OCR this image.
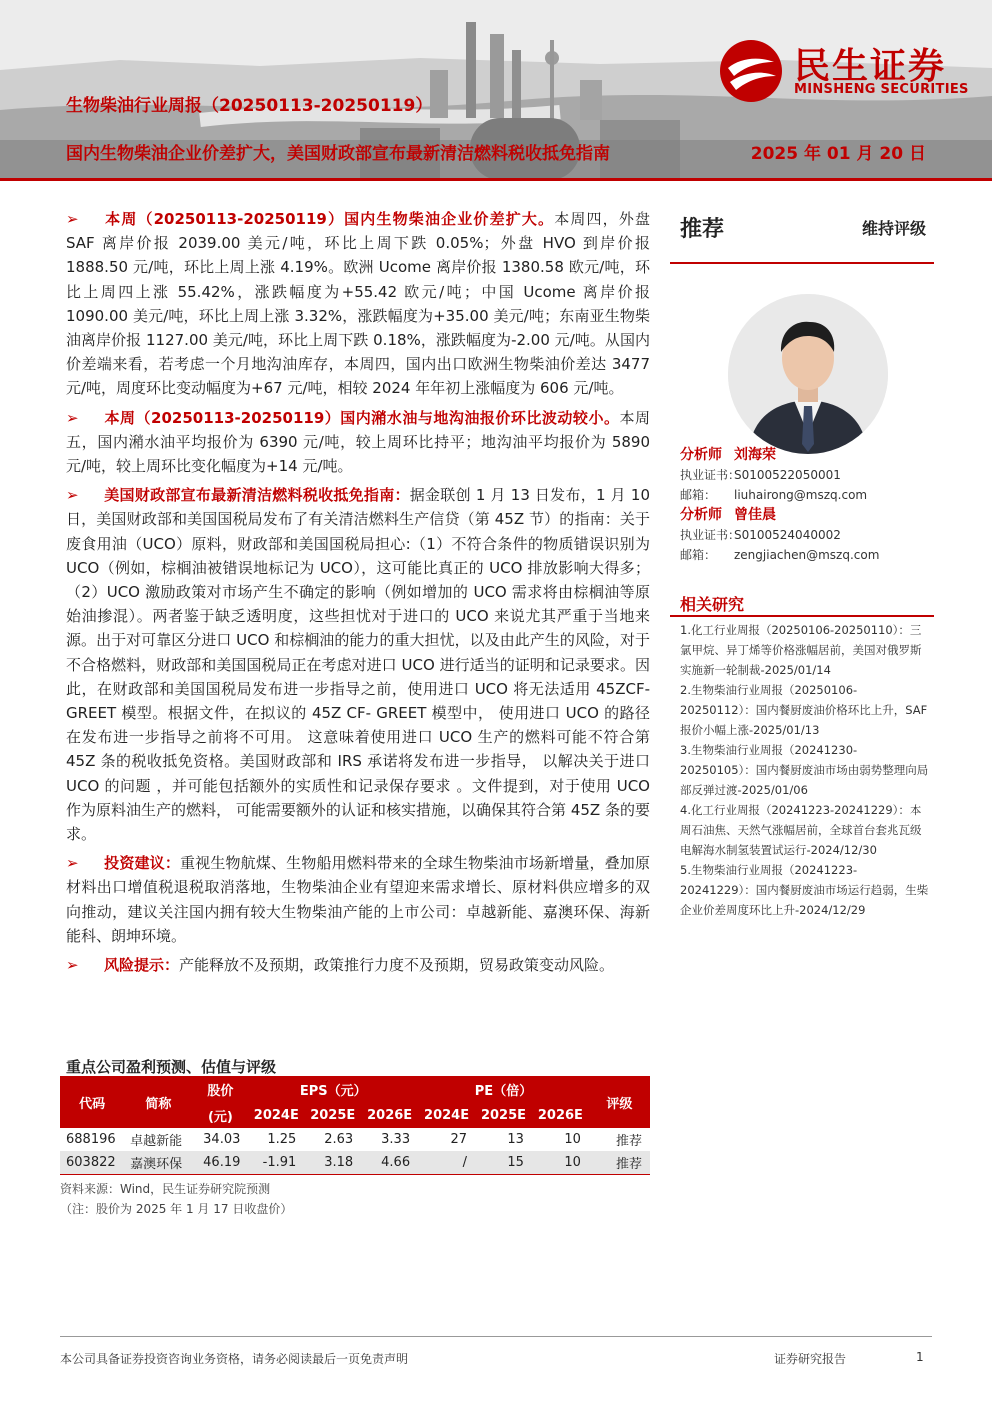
民生证券
MINSHENG SECURITIES
生物柴油行业周报（20250113-20250119）
国内生物柴油企业价差扩大，美国财政部宣布最新清洁燃料税收抵免指南	2025 年 01 月 20 日

➢ 本周（20250113-20250119）国内生物柴油企业价差扩大。本周四，外盘 SAF 离岸价报 2039.00 美元/吨，环比上周下跌 0.05%；外盘 HVO 到岸价报 1888.50 元/吨，环比上周上涨 4.19%。欧洲 Ucome 离岸价报 1380.58 欧元/吨，环比上周四上涨 55.42%，涨跌幅度为+55.42 欧元/吨；中国 Ucome 离岸价报 1090.00 美元/吨，环比上周上涨 3.32%，涨跌幅度为+35.00 美元/吨；东南亚生物柴油离岸价报 1127.00 美元/吨，环比上周下跌 0.18%，涨跌幅度为-2.00 元/吨。从国内价差端来看，若考虑一个月地沟油库存，本周四，国内出口欧洲生物柴油价差达 3477 元/吨，周度环比变动幅度为+67 元/吨，相较 2024 年年初上涨幅度为 606 元/吨。

➢ 本周（20250113-20250119）国内潲水油与地沟油报价环比波动较小。本周五，国内潲水油平均报价为 6390 元/吨，较上周环比持平；地沟油平均报价为 5890 元/吨，较上周环比变化幅度为+14 元/吨。

➢ 美国财政部宣布最新清洁燃料税收抵免指南：据金联创 1 月 13 日发布，1 月 10 日，美国财政部和美国国税局发布了有关清洁燃料生产信贷（第 45Z 节）的指南：关于废食用油（UCO）原料，财政部和美国国税局担心:（1）不符合条件的物质错误识别为 UCO（例如，棕榈油被错误地标记为 UCO），这可能比真正的 UCO 排放影响大得多；（2）UCO 激励政策对市场产生不确定的影响（例如增加的 UCO 需求将由棕榈油等原始油掺混）。两者鉴于缺乏透明度，这些担忧对于进口的 UCO 来说尤其严重于当地来源。出于对可靠区分进口 UCO 和棕榈油的能力的重大担忧，以及由此产生的风险，对于不合格燃料，财政部和美国国税局正在考虑对进口 UCO 进行适当的证明和记录要求。因此，在财政部和美国国税局发布进一步指导之前，使用进口 UCO 将无法适用 45ZCF-GREET 模型。根据文件，在拟议的 45Z CF- GREET 模型中， 使用进口 UCO 的路径在发布进一步指导之前将不可用。 这意味着使用进口 UCO 生产的燃料可能不符合第 45Z 条的税收抵免资格。美国财政部和 IRS 承诺将发布进一步指导， 以解决关于进口 UCO 的问题 ，并可能包括额外的实质性和记录保存要求 。文件提到，对于使用 UCO 作为原料油生产的燃料， 可能需要额外的认证和核实措施，以确保其符合第 45Z 条的要求。

➢ 投资建议：重视生物航煤、生物船用燃料带来的全球生物柴油市场新增量，叠加原材料出口增值税退税取消落地，生物柴油企业有望迎来需求增长、原材料供应增多的双向推动，建议关注国内拥有较大生物柴油产能的上市公司：卓越新能、嘉澳环保、海新能科、朗坤环境。

➢ 风险提示：产能释放不及预期，政策推行力度不及预期，贸易政策变动风险。

重点公司盈利预测、估值与评级
代码	简称	股价	EPS（元）			PE（倍）			评级
		(元)	2024E	2025E	2026E	2024E	2025E	2026E	
688196	卓越新能	34.03	1.25	2.63	3.33	27	13	10	推荐
603822	嘉澳环保	46.19	-1.91	3.18	4.66	/	15	10	推荐
资料来源：Wind，民生证券研究院预测
（注：股价为 2025 年 1 月 17 日收盘价）
推荐	维持评级
分析师 刘海荣
执业证书：S0100522050001
邮箱： liuhairong@mszq.com
分析师 曾佳晨
执业证书：S0100524040002
邮箱： zengjiachen@mszq.com
相关研究
1.化工行业周报（20250106-20250110）：三氯甲烷、异丁烯等价格涨幅居前，美国对俄罗斯实施新一轮制裁-2025/01/14
2.生物柴油行业周报（20250106-20250112）：国内餐厨废油价格环比上升，SAF 报价小幅上涨-2025/01/13
3.生物柴油行业周报（20241230-20250105）：国内餐厨废油市场由弱势整理向局部反弹过渡-2025/01/06
4.化工行业周报（20241223-20241229）：本周石油焦、天然气涨幅居前，全球首台套兆瓦级电解海水制氢装置试运行-2024/12/30
5.生物柴油行业周报（20241223-20241229）：国内餐厨废油市场运行趋弱，生柴企业价差周度环比上升-2024/12/29
本公司具备证券投资咨询业务资格，请务必阅读最后一页免责声明	证券研究报告	1
